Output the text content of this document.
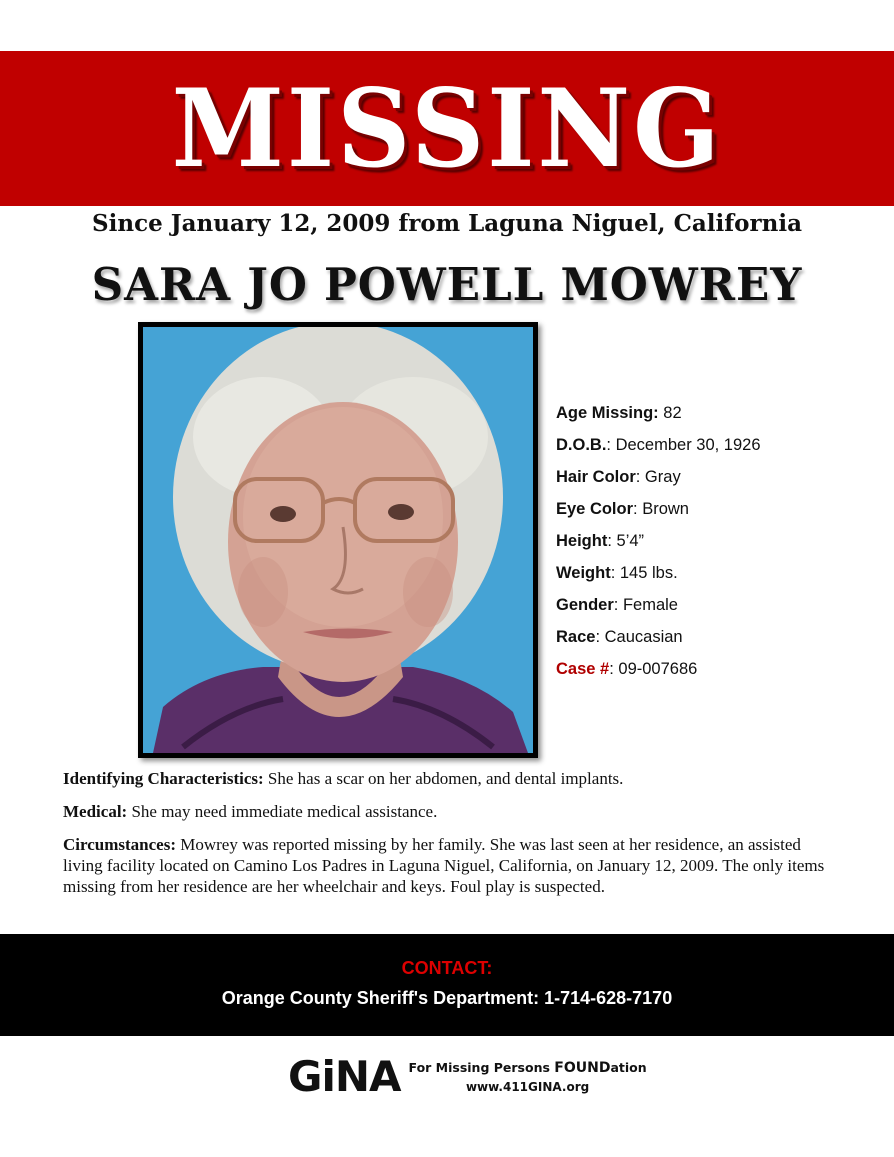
MISSING
Since January 12, 2009 from Laguna Niguel, California
SARA JO POWELL MOWREY
Age Missing: 82
D.O.B.: December 30, 1926
Hair Color: Gray
Eye Color: Brown
Height: 5’4”
Weight: 145 lbs.
Gender: Female
Race: Caucasian
Case #: 09-007686

Identifying Characteristics: She has a scar on her abdomen, and dental implants.

Medical: She may need immediate medical assistance.

Circumstances: Mowrey was reported missing by her family. She was last seen at her residence, an assisted living facility located on Camino Los Padres in Laguna Niguel, California, on January 12, 2009. The only items missing from her residence are her wheelchair and keys. Foul play is suspected.

CONTACT:
Orange County Sheriff's Department: 1-714-628-7170
GiNA For Missing Persons FOUNDation
www.411GINA.org
